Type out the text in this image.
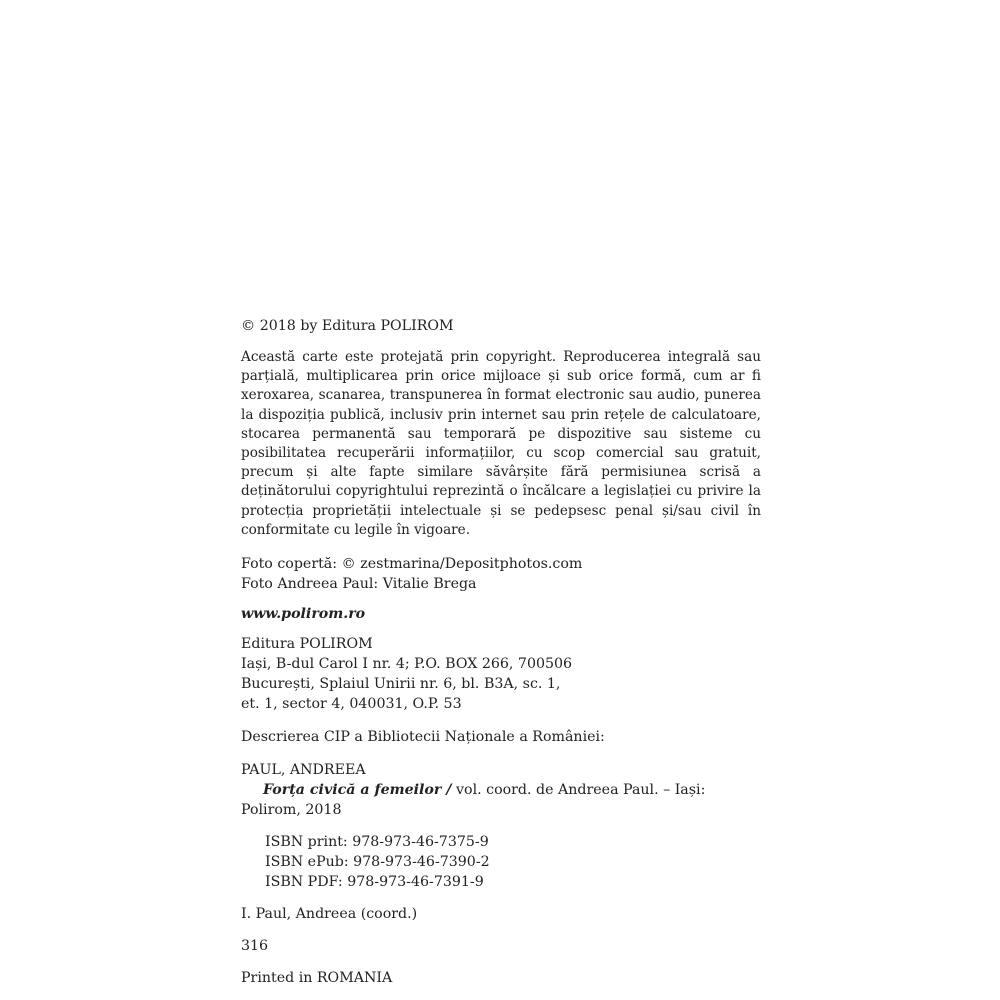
© 2018 by Editura POLIROM

Această carte este protejată prin copyright. Reproducerea integrală sau parțială, multiplicarea prin orice mijloace și sub orice formă, cum ar fi xeroxarea, scanarea, transpunerea în format electronic sau audio, punerea la dispoziția publică, inclusiv prin internet sau prin rețele de calculatoare, stocarea permanentă sau temporară pe dispozitive sau sisteme cu posibilitatea recuperării informațiilor, cu scop comercial sau gratuit, precum și alte fapte similare săvârșite fără permisiunea scrisă a deținătorului copyrightului reprezintă o încălcare a legislației cu privire la protecția proprietății intelectuale și se pedepsesc penal și/sau civil în conformitate cu legile în vigoare.

Foto copertă: © zestmarina/Depositphotos.com
Foto Andreea Paul: Vitalie Brega

www.polirom.ro

Editura POLIROM
Iași, B-dul Carol I nr. 4; P.O. BOX 266, 700506
București, Splaiul Unirii nr. 6, bl. B3A, sc. 1,
et. 1, sector 4, 040031, O.P. 53

Descrierea CIP a Bibliotecii Naționale a României:

PAUL, ANDREEA

Forța civică a femeilor / vol. coord. de Andreea Paul. – Iași: Polirom, 2018

ISBN print: 978-973-46-7375-9
ISBN ePub: 978-973-46-7390-2
ISBN PDF: 978-973-46-7391-9

I. Paul, Andreea (coord.)

316

Printed in ROMANIA
